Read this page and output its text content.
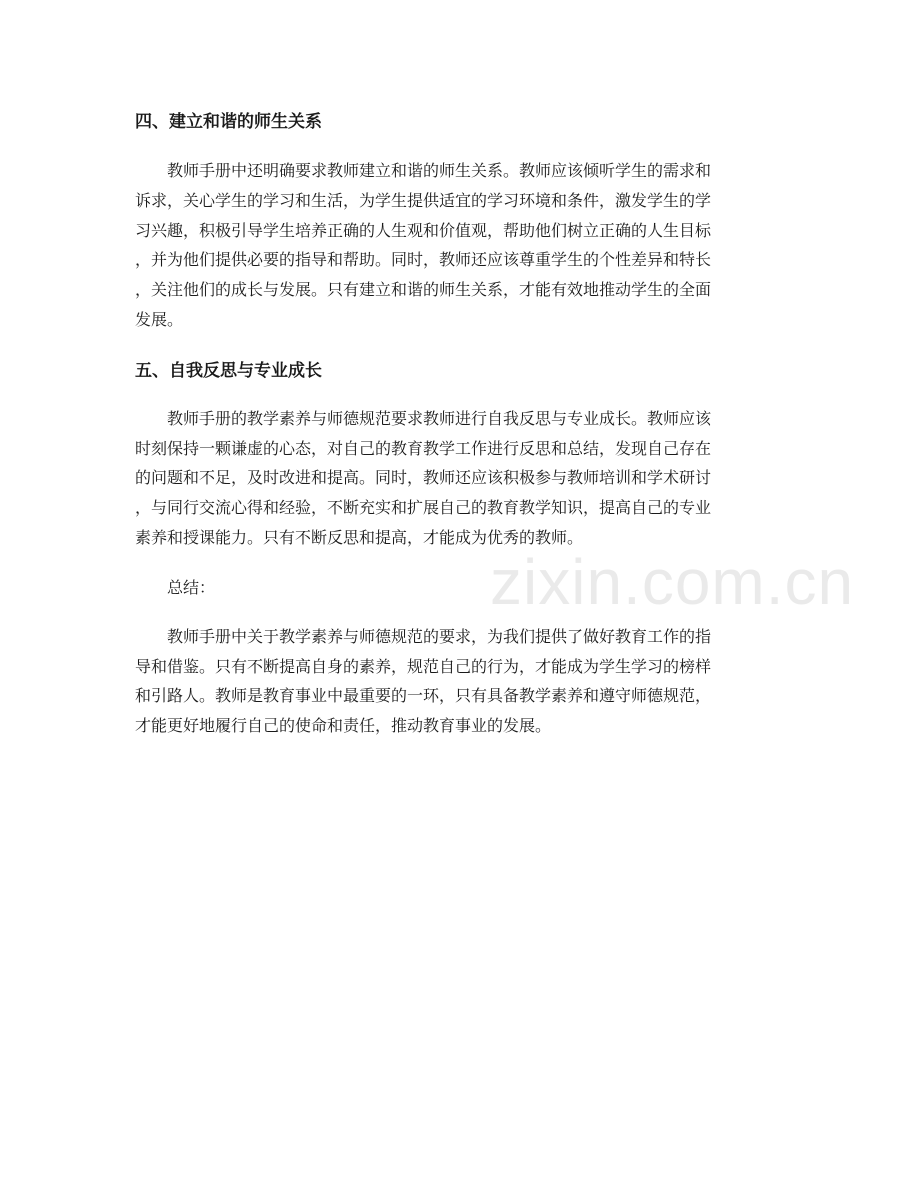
四、建立和谐的师生关系

教师手册中还明确要求教师建立和谐的师生关系。教师应该倾听学生的需求和
诉求，关心学生的学习和生活，为学生提供适宜的学习环境和条件，激发学生的学
习兴趣，积极引导学生培养正确的人生观和价值观，帮助他们树立正确的人生目标
，并为他们提供必要的指导和帮助。同时，教师还应该尊重学生的个性差异和特长
，关注他们的成长与发展。只有建立和谐的师生关系，才能有效地推动学生的全面
发展。

五、自我反思与专业成长

教师手册的教学素养与师德规范要求教师进行自我反思与专业成长。教师应该
时刻保持一颗谦虚的心态，对自己的教育教学工作进行反思和总结，发现自己存在
的问题和不足，及时改进和提高。同时，教师还应该积极参与教师培训和学术研讨
，与同行交流心得和经验，不断充实和扩展自己的教育教学知识，提高自己的专业
素养和授课能力。只有不断反思和提高，才能成为优秀的教师。

总结：

教师手册中关于教学素养与师德规范的要求，为我们提供了做好教育工作的指
导和借鉴。只有不断提高自身的素养，规范自己的行为，才能成为学生学习的榜样
和引路人。教师是教育事业中最重要的一环，只有具备教学素养和遵守师德规范，
才能更好地履行自己的使命和责任，推动教育事业的发展。

zixin.com.cn
